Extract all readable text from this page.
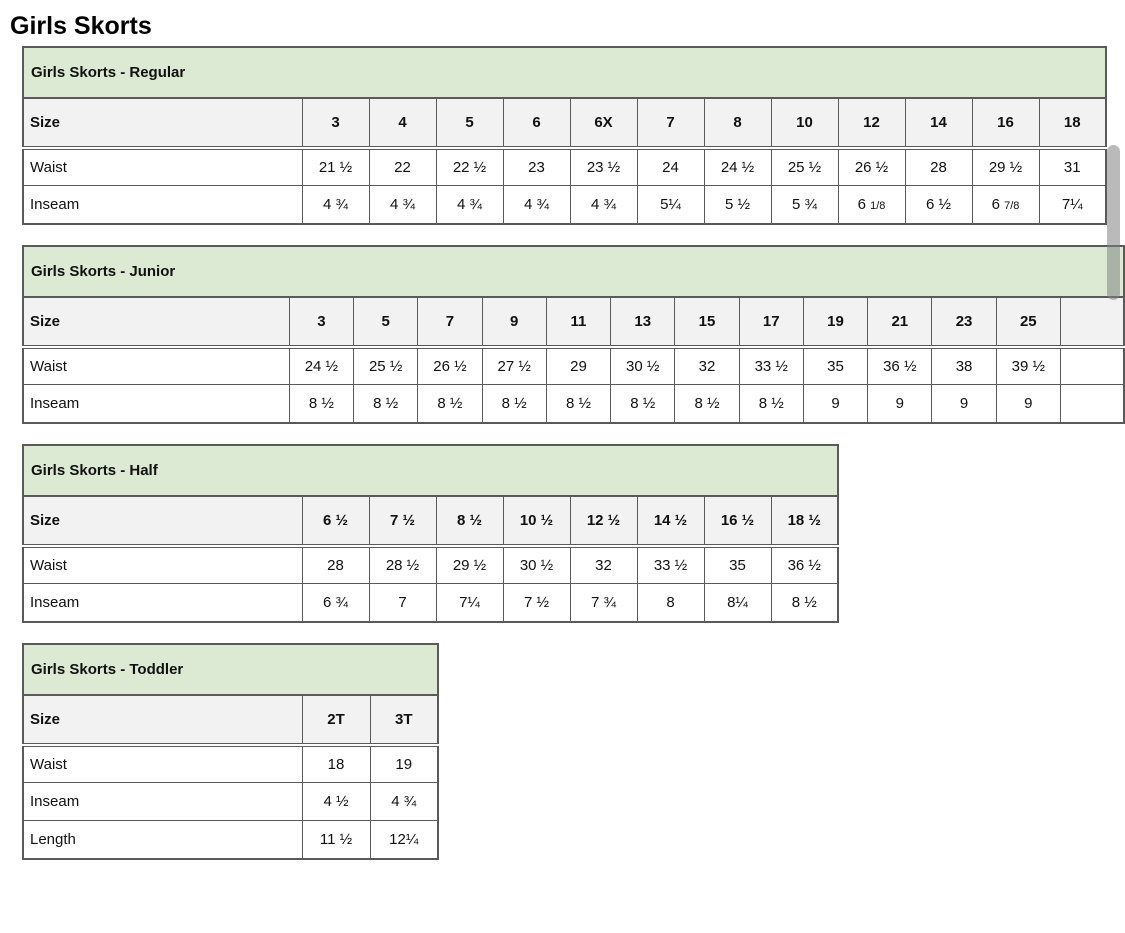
Girls Skorts
Girls Skorts - Regular												
Size	3	4	5	6	6X	7	8	10	12	14	16	18
Waist	21 ½	22	22 ½	23	23 ½	24	24 ½	25 ½	26 ½	28	29 ½	31
Inseam	4 ¾	4 ¾	4 ¾	4 ¾	4 ¾	5¼	5 ½	5 ¾	6 1/8	6 ½	6 7/8	7¼
Girls Skorts - Junior													
Size	3	5	7	9	11	13	15	17	19	21	23	25	
Waist	24 ½	25 ½	26 ½	27 ½	29	30 ½	32	33 ½	35	36 ½	38	39 ½	
Inseam	8 ½	8 ½	8 ½	8 ½	8 ½	8 ½	8 ½	8 ½	9	9	9	9	
Girls Skorts - Half								
Size	6 ½	7 ½	8 ½	10 ½	12 ½	14 ½	16 ½	18 ½
Waist	28	28 ½	29 ½	30 ½	32	33 ½	35	36 ½
Inseam	6 ¾	7	7¼	7 ½	7 ¾	8	8¼	8 ½
Girls Skorts - Toddler		
Size	2T	3T
Waist	18	19
Inseam	4 ½	4 ¾
Length	11 ½	12¼
